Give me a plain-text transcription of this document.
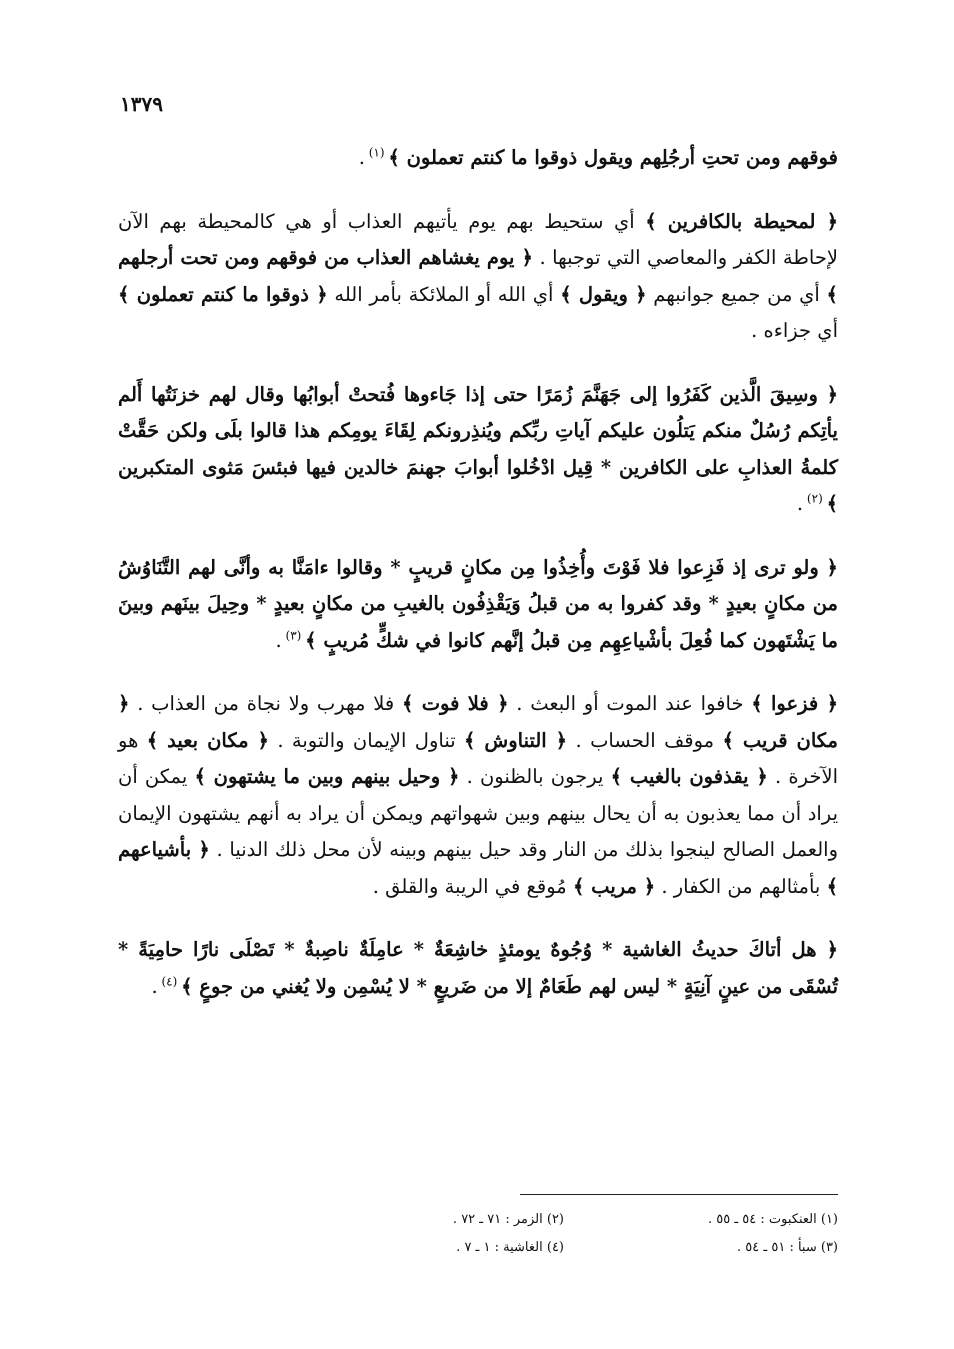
١٣٧٩

فوقهم ومن تحتِ أرجُلِهم ويقول ذوقوا ما كنتم تعملون ﴾ $^{(١)}$ .

﴿ لمحيطة بالكافرين ﴾ أي ستحيط بهم يوم يأتيهم العذاب أو هي كالمحيطة بهم الآن لإحاطة الكفر والمعاصي التي توجبها . ﴿ يوم يغشاهم العذاب من فوقهم ومن تحت أرجلهم ﴾ أي من جميع جوانبهم ﴿ ويقول ﴾ أي الله أو الملائكة بأمر الله ﴿ ذوقوا ما كنتم تعملون ﴾ أي جزاءه .

﴿ وسِيقَ الَّذين كَفَرُوا إلى جَهَنَّمَ زُمَرًا حتى إذا جَاءوها فُتحتْ أبوابُها وقال لهم خزنَتُها أَلم يأتِكم رُسُلٌ منكم يَتلُون عليكم آياتِ ربِّكم ويُنذِرونكم لِقَاءَ يومِكم هذا قالوا بلَى ولكن حَقَّتْ كلمةُ العذابِ على الكافرين * قِيل ادْخُلوا أبوابَ جهنمَ خالدين فيها فبئسَ مَثوى المتكبرين ﴾ $^{(٢)}$ .

﴿ ولو ترى إذ فَزِعوا فلا فَوْتَ وأُخِذُوا مِن مكانٍ قريبٍ * وقالوا ءامَنَّا به وأنَّى لهم التَّنَاوُشُ من مكانٍ بعيدٍ * وقد كفروا به من قبلُ وَيَقْذِفُون بالغيبِ من مكانٍ بعيدٍ * وحِيلَ بينَهم وبينَ ما يَشْتَهون كما فُعِلَ بأشْياعِهِم مِن قبلُ إنَّهم كانوا في شكٍّ مُريبٍ ﴾ $^{(٣)}$ .

﴿ فزعوا ﴾ خافوا عند الموت أو البعث . ﴿ فلا فوت ﴾ فلا مهرب ولا نجاة من العذاب . ﴿ مكان قريب ﴾ موقف الحساب . ﴿ التناوش ﴾ تناول الإيمان والتوبة . ﴿ مكان بعيد ﴾ هو الآخرة . ﴿ يقذفون بالغيب ﴾ يرجون بالظنون . ﴿ وحيل بينهم وبين ما يشتهون ﴾ يمكن أن يراد أن مما يعذبون به أن يحال بينهم وبين شهواتهم ويمكن أن يراد به أنهم يشتهون الإيمان والعمل الصالح لينجوا بذلك من النار وقد حيل بينهم وبينه لأن محل ذلك الدنيا . ﴿ بأشياعهم ﴾ بأمثالهم من الكفار . ﴿ مريب ﴾ مُوقع في الريبة والقلق .

﴿ هل أتاكَ حديثُ الغاشية * وُجُوهٌ يومئذٍ خاشِعَةٌ * عامِلَةٌ ناصِبةٌ * تَصْلَى نارًا حامِيَةً * تُسْقَى من عينٍ آنِيَةٍ * ليس لهم طَعَامٌ إلا من ضَريعٍ * لا يُسْمِن ولا يُغني من جوعٍ ﴾ $^{(٤)}$ .

(١) العنكبوت : ٥٤ ـ ٥٥ .
(٢) الزمر : ٧١ ـ ٧٢ .
(٣) سبأ : ٥١ ـ ٥٤ .
(٤) الغاشية : ١ ـ ٧ .
